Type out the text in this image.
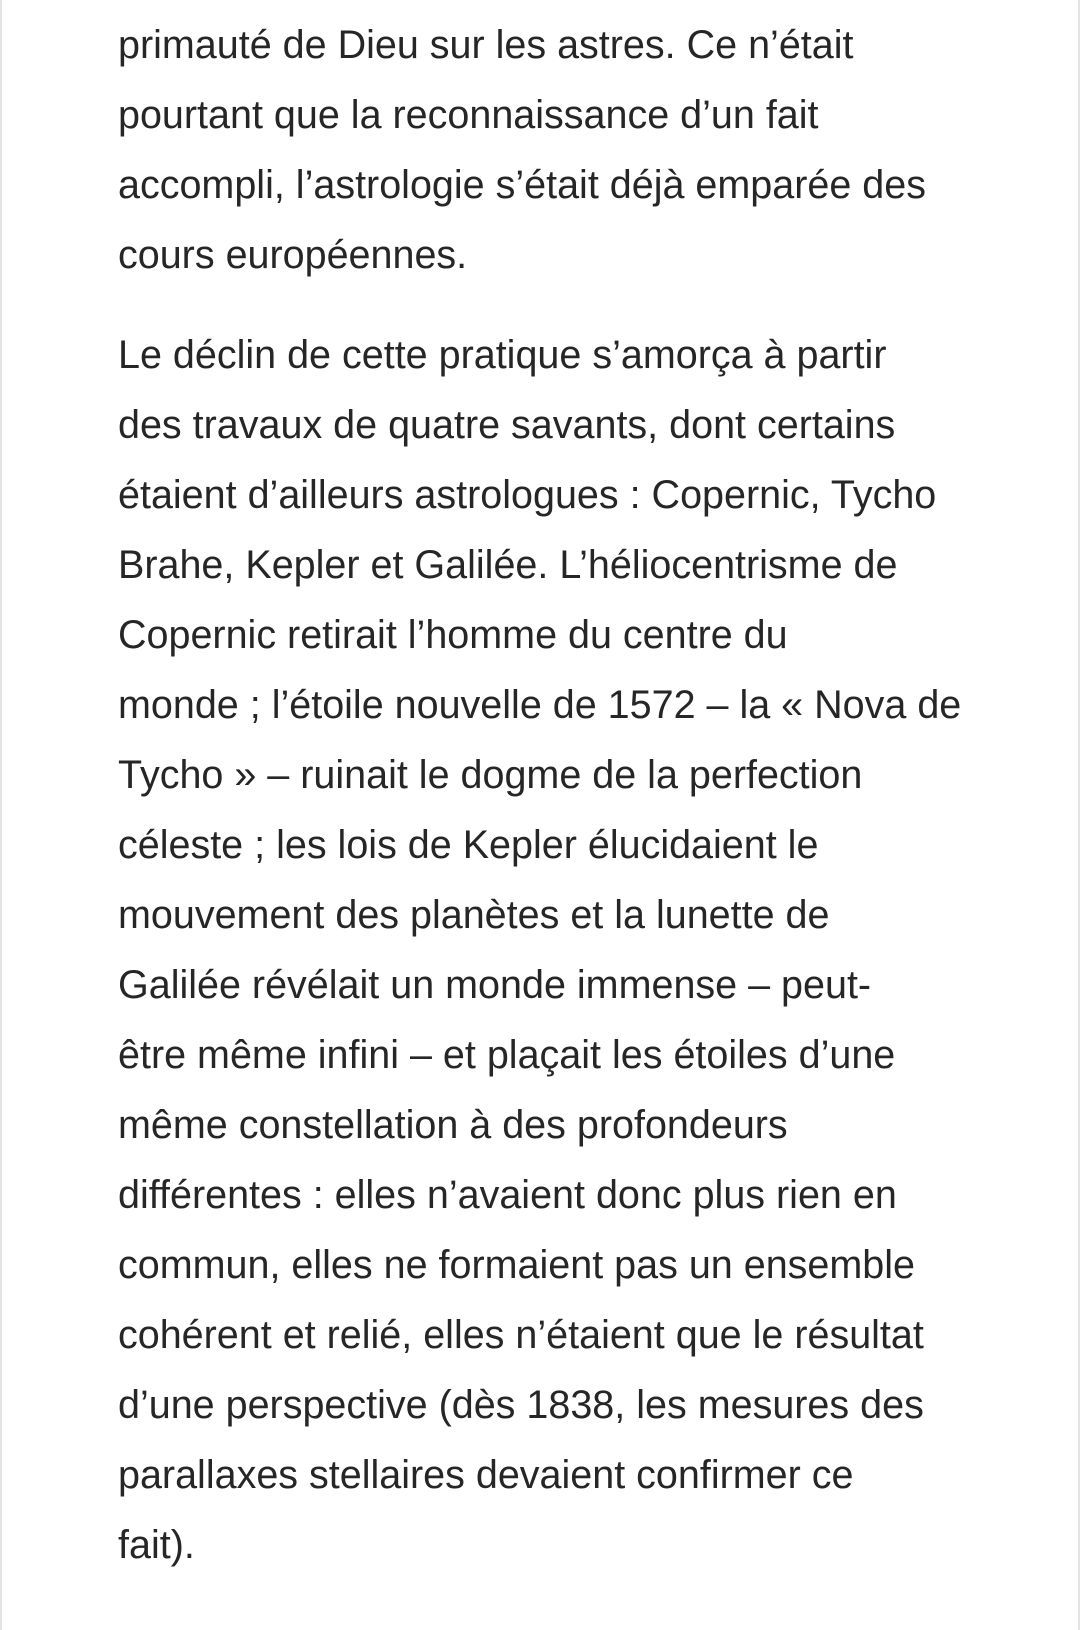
primauté de Dieu sur les astres. Ce n’était

pourtant que la reconnaissance d’un fait

accompli, l’astrologie s’était déjà emparée des

cours européennes.

Le déclin de cette pratique s’amorça à partir

des travaux de quatre savants, dont certains

étaient d’ailleurs astrologues : Copernic, Tycho

Brahe, Kepler et Galilée. L’héliocentrisme de

Copernic retirait l’homme du centre du

monde ; l’étoile nouvelle de 1572 – la « Nova de

Tycho » – ruinait le dogme de la perfection

céleste ; les lois de Kepler élucidaient le

mouvement des planètes et la lunette de

Galilée révélait un monde immense – peut-

être même infini – et plaçait les étoiles d’une

même constellation à des profondeurs

différentes : elles n’avaient donc plus rien en

commun, elles ne formaient pas un ensemble

cohérent et relié, elles n’étaient que le résultat

d’une perspective (dès 1838, les mesures des

parallaxes stellaires devaient confirmer ce

fait).
